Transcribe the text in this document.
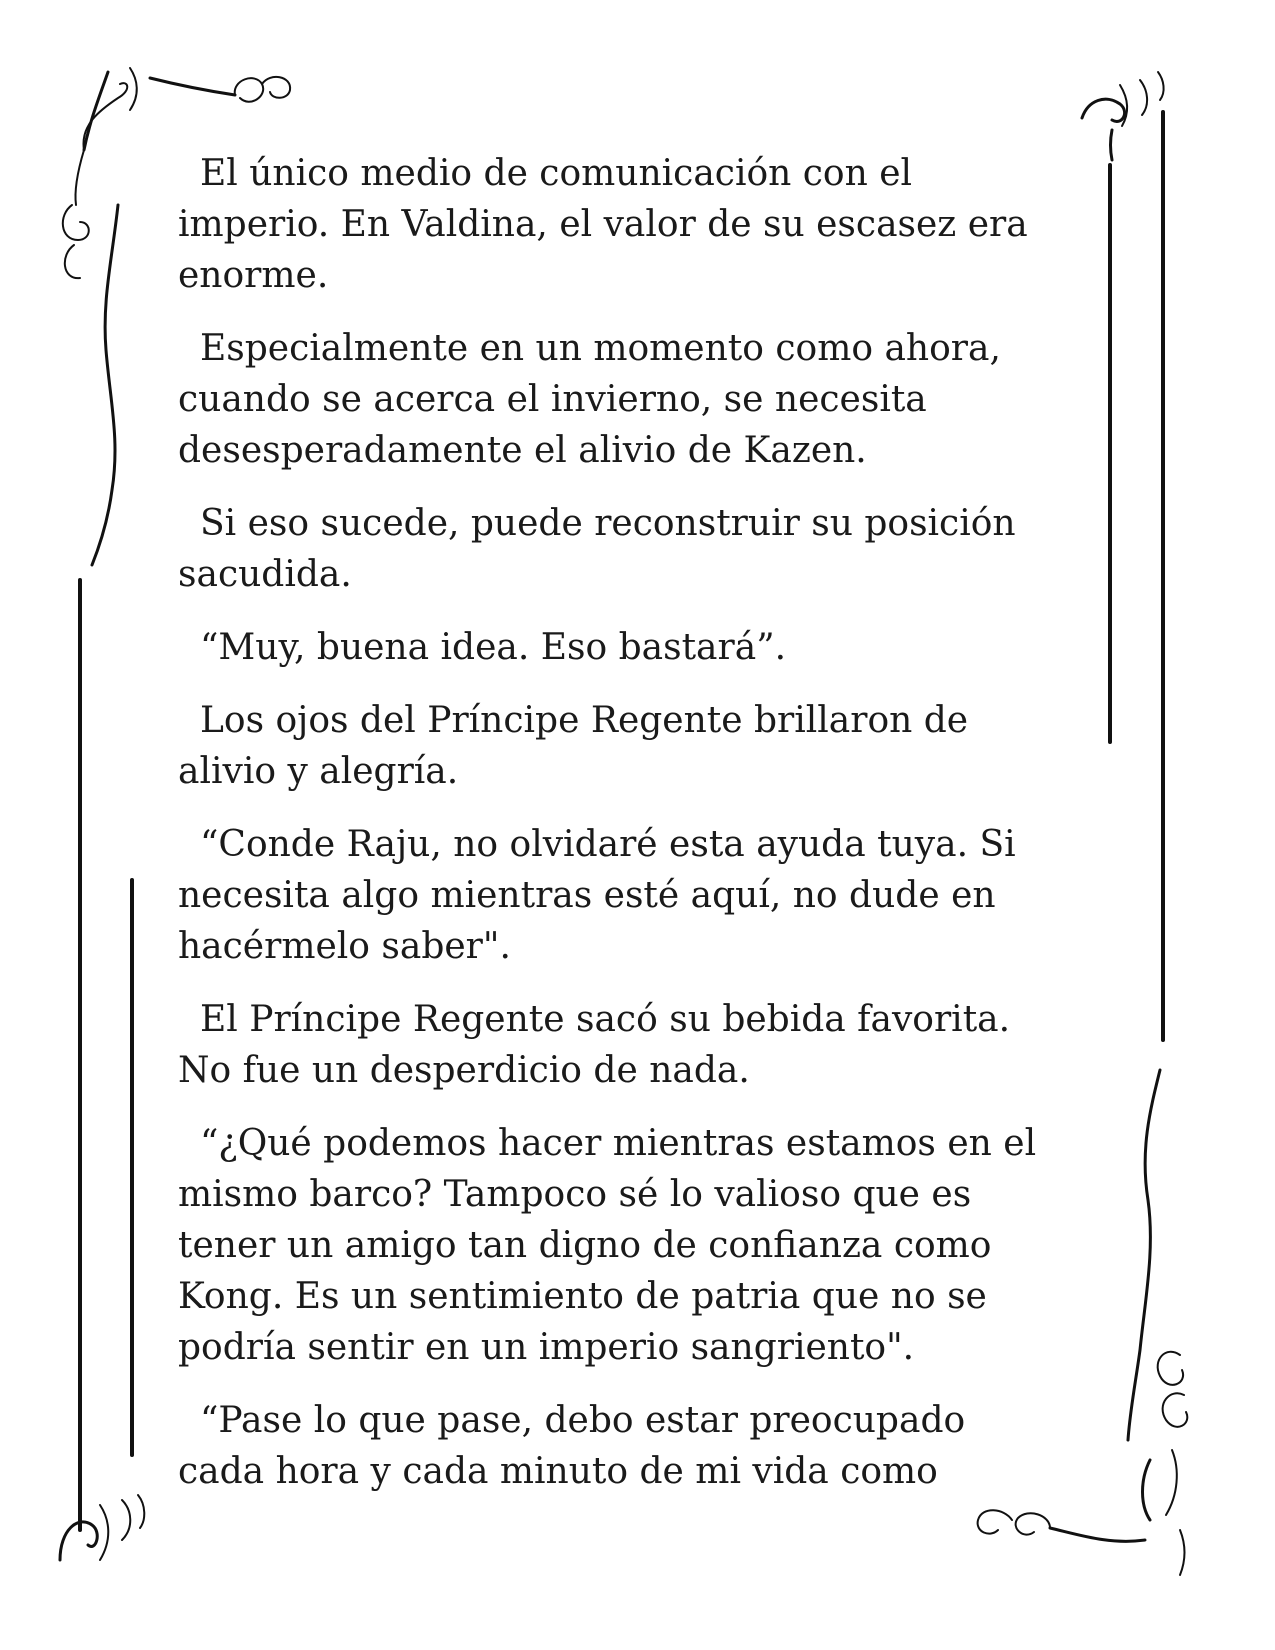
El único medio de comunicación con el
imperio. En Valdina, el valor de su escasez era
enorme.

Especialmente en un momento como ahora,
cuando se acerca el invierno, se necesita
desesperadamente el alivio de Kazen.

Si eso sucede, puede reconstruir su posición
sacudida.

“Muy, buena idea. Eso bastará”.

Los ojos del Príncipe Regente brillaron de
alivio y alegría.

“Conde Raju, no olvidaré esta ayuda tuya. Si
necesita algo mientras esté aquí, no dude en
hacérmelo saber".

El Príncipe Regente sacó su bebida favorita.
No fue un desperdicio de nada.

“¿Qué podemos hacer mientras estamos en el
mismo barco? Tampoco sé lo valioso que es
tener un amigo tan digno de confianza como
Kong. Es un sentimiento de patria que no se
podría sentir en un imperio sangriento".

“Pase lo que pase, debo estar preocupado
cada hora y cada minuto de mi vida como
